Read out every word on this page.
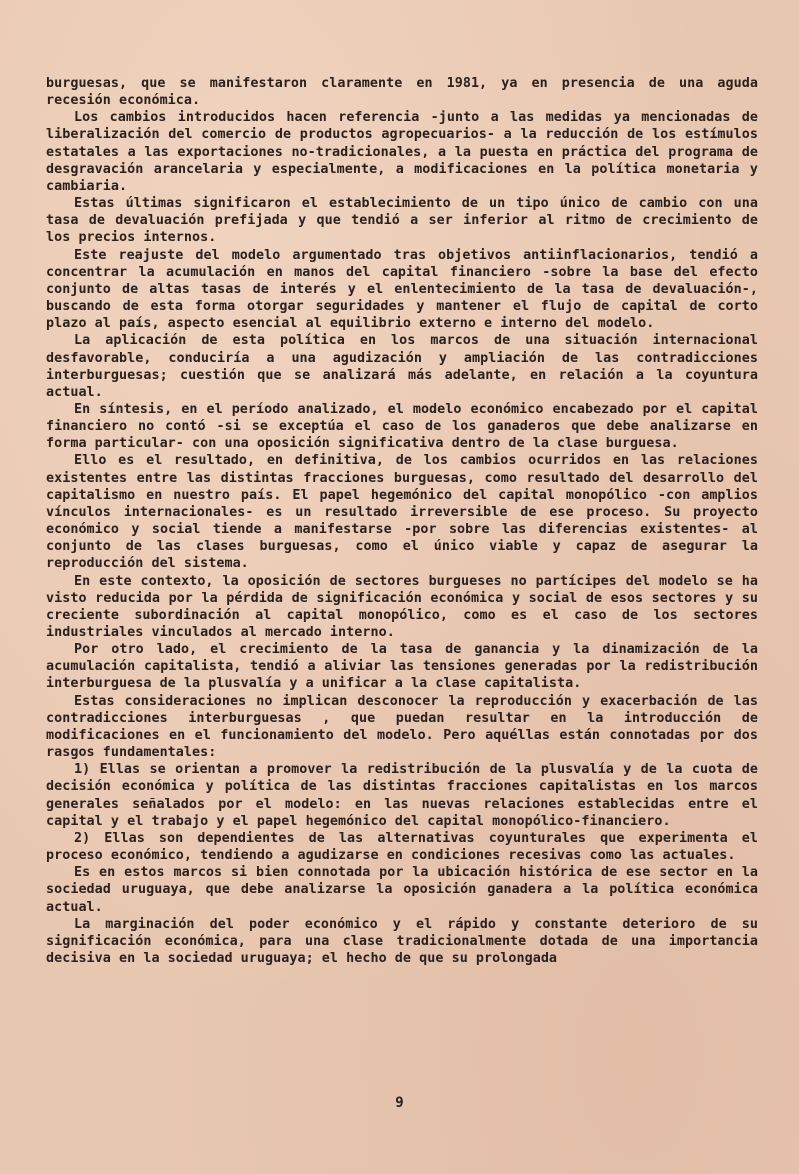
burguesas, que se manifestaron claramente en 1981, ya en presencia de una aguda recesión económica.

Los cambios introducidos hacen referencia -junto a las medidas ya mencionadas de liberalización del comercio de productos agropecuarios- a la reducción de los estímulos estatales a las exportaciones no-tradicionales, a la puesta en práctica del programa de desgravación arancelaria y especialmente, a modificaciones en la política monetaria y cambiaria.

Estas últimas significaron el establecimiento de un tipo único de cambio con una tasa de devaluación prefijada y que tendió a ser inferior al ritmo de crecimiento de los precios internos.

Este reajuste del modelo argumentado tras objetivos antiinflacionarios, tendió a concentrar la acumulación en manos del capital financiero -sobre la base del efecto conjunto de altas tasas de interés y el enlentecimiento de la tasa de devaluación-, buscando de esta forma otorgar seguridades y mantener el flujo de capital de corto plazo al país, aspecto esencial al equilibrio externo e interno del modelo.

La aplicación de esta política en los marcos de una situación internacional desfavorable, conduciría a una agudización y ampliación de las contradicciones interburguesas; cuestión que se analizará más adelante, en relación a la coyuntura actual.

En síntesis, en el período analizado, el modelo económico encabezado por el capital financiero no contó -si se exceptúa el caso de los ganaderos que debe analizarse en forma particular- con una oposición significativa dentro de la clase burguesa.

Ello es el resultado, en definitiva, de los cambios ocurridos en las relaciones existentes entre las distintas fracciones burguesas, como resultado del desarrollo del capitalismo en nuestro país. El papel hegemónico del capital monopólico -con amplios vínculos internacionales- es un resultado irreversible de ese proceso. Su proyecto económico y social tiende a manifestarse -por sobre las diferencias existentes- al conjunto de las clases burguesas, como el único viable y capaz de asegurar la reproducción del sistema.

En este contexto, la oposición de sectores burgueses no partícipes del modelo se ha visto reducida por la pérdida de significación económica y social de esos sectores y su creciente subordinación al capital monopólico, como es el caso de los sectores industriales vinculados al mercado interno.

Por otro lado, el crecimiento de la tasa de ganancia y la dinamización de la acumulación capitalista, tendió a aliviar las tensiones generadas por la redistribución interburguesa de la plusvalía y a unificar a la clase capitalista.

Estas consideraciones no implican desconocer la reproducción y exacerbación de las contradicciones interburguesas , que puedan resultar en la introducción de modificaciones en el funcionamiento del modelo. Pero aquéllas están connotadas por dos rasgos fundamentales:

1) Ellas se orientan a promover la redistribución de la plusvalía y de la cuota de decisión económica y política de las distintas fracciones capitalistas en los marcos generales señalados por el modelo: en las nuevas relaciones establecidas entre el capital y el trabajo y el papel hegemónico del capital monopólico-financiero.

2) Ellas son dependientes de las alternativas coyunturales que experimenta el proceso económico, tendiendo a agudizarse en condiciones recesivas como las actuales.

Es en estos marcos si bien connotada por la ubicación histórica de ese sector en la sociedad uruguaya, que debe analizarse la oposición ganadera a la política económica actual.

La marginación del poder económico y el rápido y constante deterioro de su significación económica, para una clase tradicionalmente dotada de una importancia decisiva en la sociedad uruguaya; el hecho de que su prolongada

9
